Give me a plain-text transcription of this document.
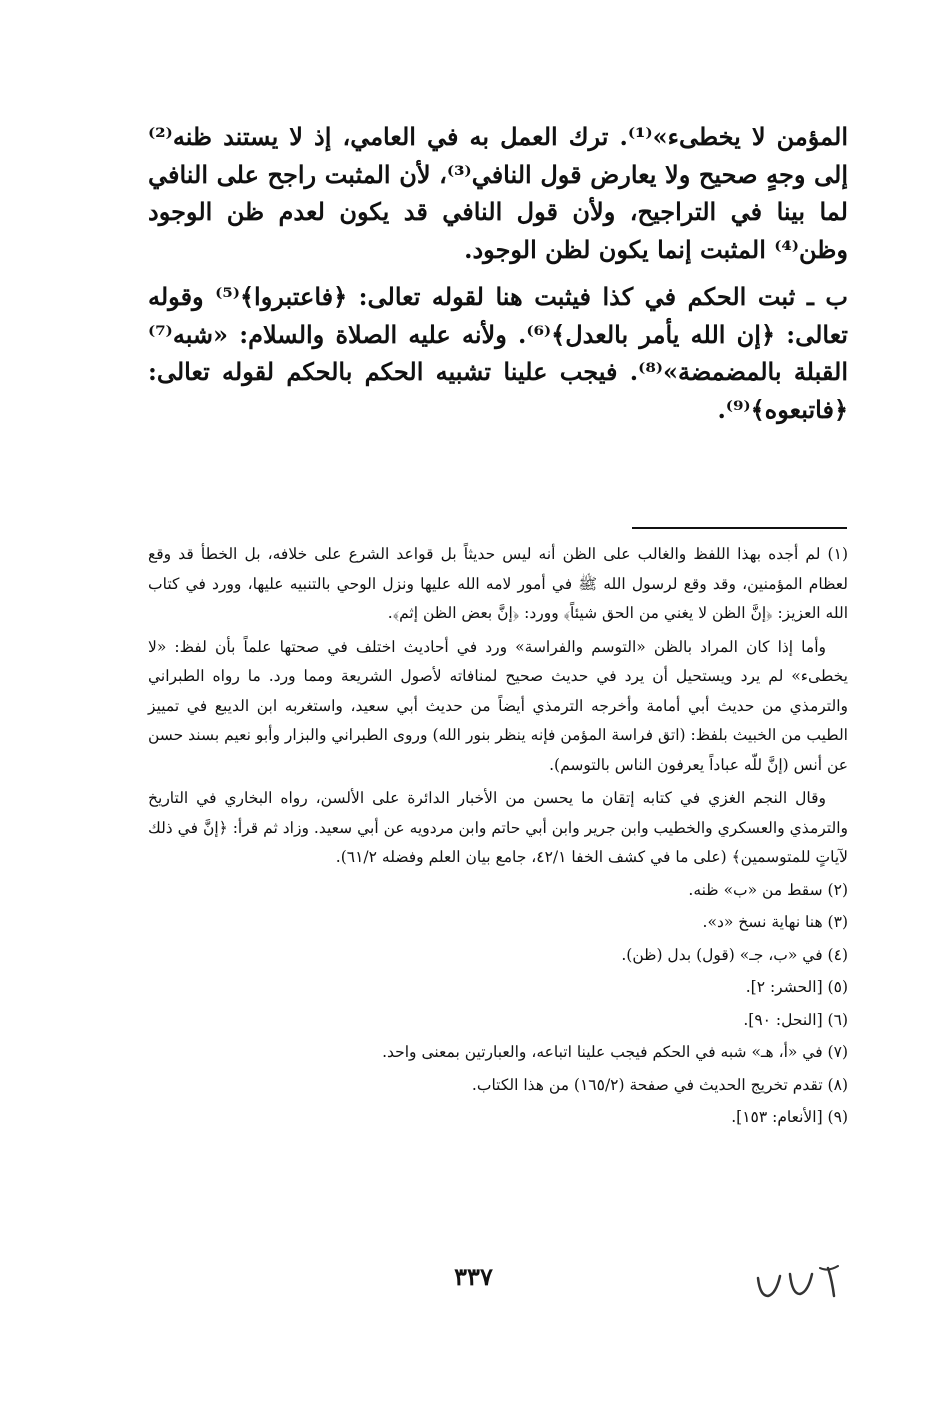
المؤمن لا يخطىء»⁽¹⁾. ترك العمل به في العامي، إذ لا يستند ظنه⁽²⁾ إلى وجهٍ صحيح ولا يعارض قول النافي⁽³⁾، لأن المثبت راجح على النافي لما بينا في التراجيح، ولأن قول النافي قد يكون لعدم ظن الوجود وظن⁽⁴⁾ المثبت إنما يكون لظن الوجود.

ب ـ ثبت الحكم في كذا فيثبت هنا لقوله تعالى: ﴿فاعتبروا﴾⁽⁵⁾ وقوله تعالى: ﴿إن الله يأمر بالعدل﴾⁽⁶⁾. ولأنه عليه الصلاة والسلام: «شبه⁽⁷⁾ القبلة بالمضمضة»⁽⁸⁾. فيجب علينا تشبيه الحكم بالحكم لقوله تعالى: ﴿فاتبعوه﴾⁽⁹⁾.

(١) لم أجده بهذا اللفظ والغالب على الظن أنه ليس حديثاً بل قواعد الشرع على خلافه، بل الخطأ قد وقع لعظام المؤمنين، وقد وقع لرسول الله ﷺ في أمور لامه الله عليها ونزل الوحي بالتنبيه عليها، وورد في كتاب الله العزيز: ﴿إنَّ الظن لا يغني من الحق شيئاً﴾ وورد: ﴿إنَّ بعض الظن إثم﴾.

وأما إذا كان المراد بالظن «التوسم والفراسة» ورد في أحاديث اختلف في صحتها علماً بأن لفظ: «لا يخطىء» لم يرد ويستحيل أن يرد في حديث صحيح لمنافاته لأصول الشريعة ومما ورد. ما رواه الطبراني والترمذي من حديث أبي أمامة وأخرجه الترمذي أيضاً من حديث أبي سعيد، واستغربه ابن الديبع في تمييز الطيب من الخبيث بلفظ: (اتق فراسة المؤمن فإنه ينظر بنور الله) وروى الطبراني والبزار وأبو نعيم بسند حسن عن أنس (إنَّ للّه عباداً يعرفون الناس بالتوسم).

وقال النجم الغزي في كتابه إتقان ما يحسن من الأخبار الدائرة على الألسن، رواه البخاري في التاريخ والترمذي والعسكري والخطيب وابن جرير وابن أبي حاتم وابن مردويه عن أبي سعيد. وزاد ثم قرأ: ﴿إنَّ في ذلك لآياتٍ للمتوسمين﴾ (على ما في كشف الخفا ٤٢/١، جامع بيان العلم وفضله ٦١/٢).

(٢) سقط من «ب» ظنه.

(٣) هنا نهاية نسخ «د».

(٤) في «ب، جـ» (قول) بدل (ظن).

(٥) [الحشر: ٢].

(٦) [النحل: ٩٠].

(٧) في «أ، هـ» شبه في الحكم فيجب علينا اتباعه، والعبارتين بمعنى واحد.

(٨) تقدم تخريج الحديث في صفحة (١٦٥/٢) من هذا الكتاب.

(٩) [الأنعام: ١٥٣].

٣٣٧
